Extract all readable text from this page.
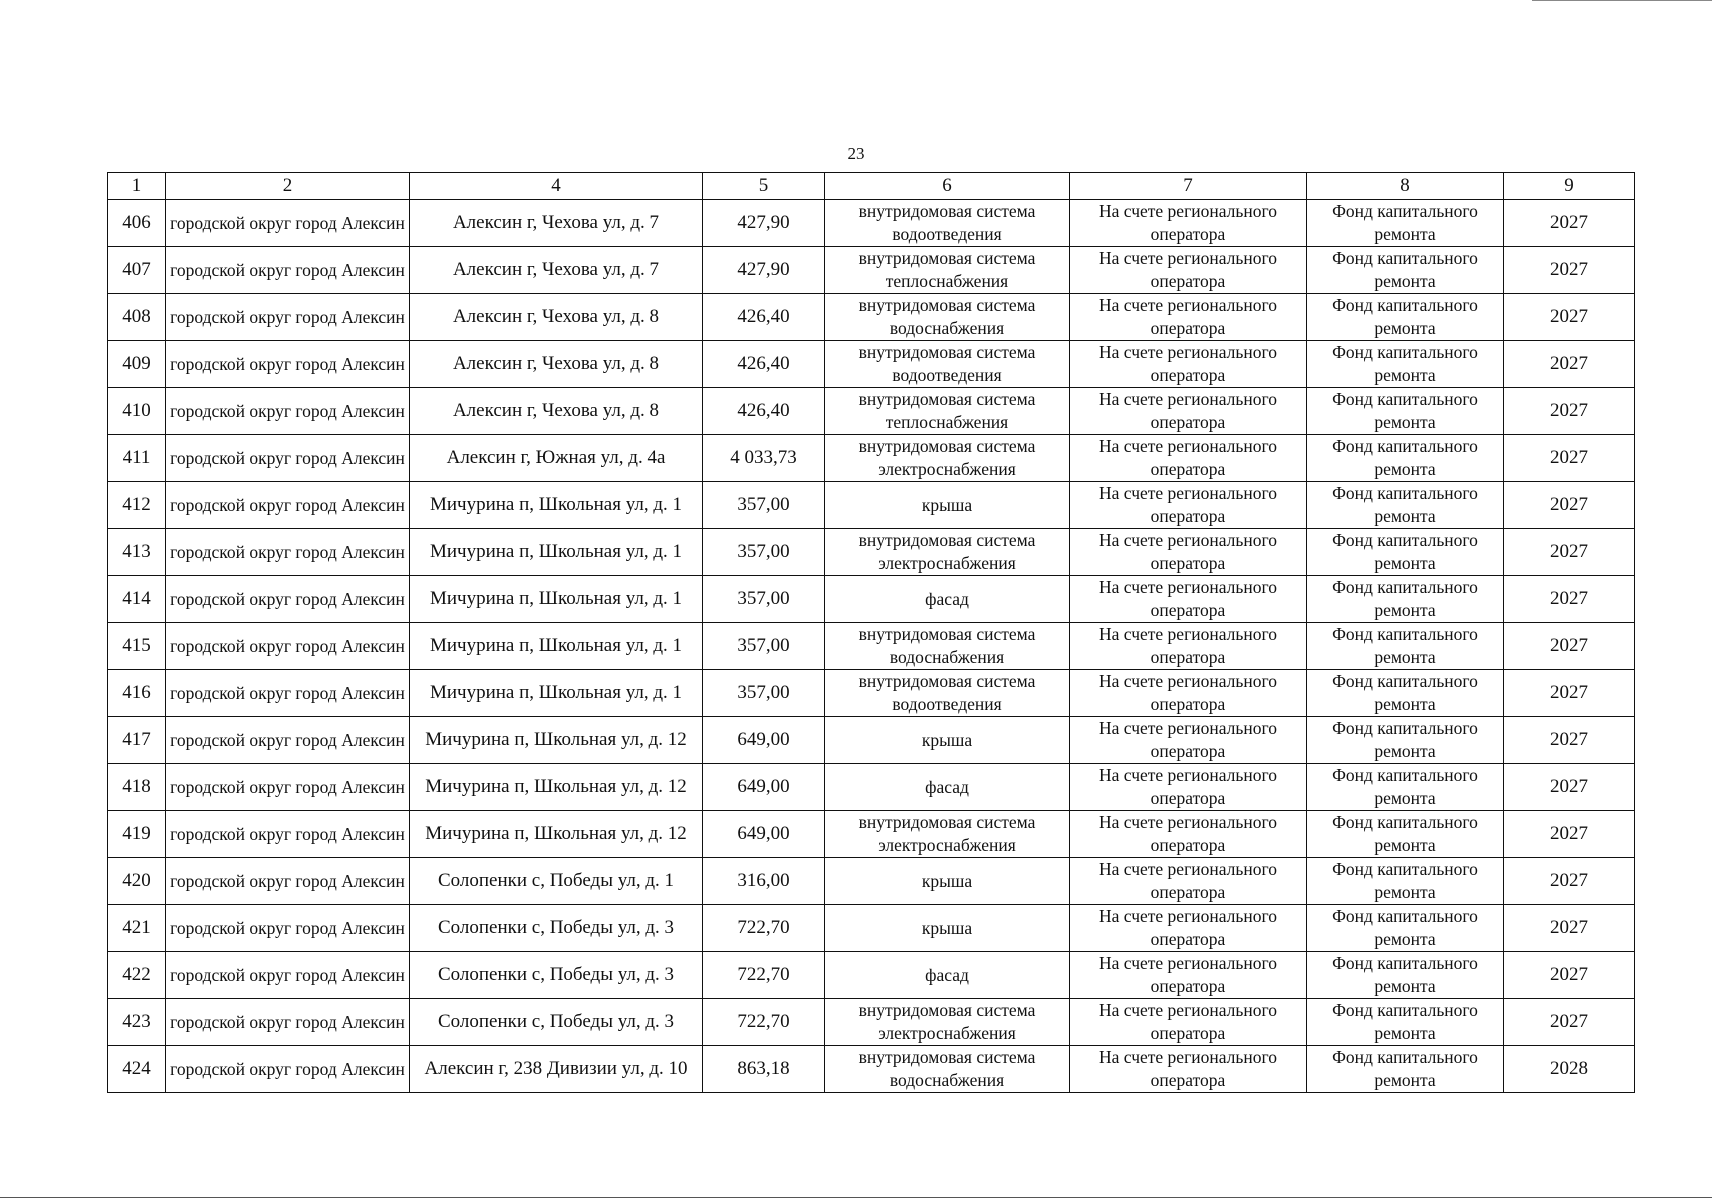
23
1	2	4	5	6	7	8	9
406	городской округ город Алексин	Алексин г, Чехова ул, д. 7	427,90	внутридомовая система водоотведения	На счете регионального оператора	Фонд капитального ремонта	2027
407	городской округ город Алексин	Алексин г, Чехова ул, д. 7	427,90	внутридомовая система теплоснабжения	На счете регионального оператора	Фонд капитального ремонта	2027
408	городской округ город Алексин	Алексин г, Чехова ул, д. 8	426,40	внутридомовая система водоснабжения	На счете регионального оператора	Фонд капитального ремонта	2027
409	городской округ город Алексин	Алексин г, Чехова ул, д. 8	426,40	внутридомовая система водоотведения	На счете регионального оператора	Фонд капитального ремонта	2027
410	городской округ город Алексин	Алексин г, Чехова ул, д. 8	426,40	внутридомовая система теплоснабжения	На счете регионального оператора	Фонд капитального ремонта	2027
411	городской округ город Алексин	Алексин г, Южная ул, д. 4а	4 033,73	внутридомовая система электроснабжения	На счете регионального оператора	Фонд капитального ремонта	2027
412	городской округ город Алексин	Мичурина п, Школьная ул, д. 1	357,00	крыша	На счете регионального оператора	Фонд капитального ремонта	2027
413	городской округ город Алексин	Мичурина п, Школьная ул, д. 1	357,00	внутридомовая система электроснабжения	На счете регионального оператора	Фонд капитального ремонта	2027
414	городской округ город Алексин	Мичурина п, Школьная ул, д. 1	357,00	фасад	На счете регионального оператора	Фонд капитального ремонта	2027
415	городской округ город Алексин	Мичурина п, Школьная ул, д. 1	357,00	внутридомовая система водоснабжения	На счете регионального оператора	Фонд капитального ремонта	2027
416	городской округ город Алексин	Мичурина п, Школьная ул, д. 1	357,00	внутридомовая система водоотведения	На счете регионального оператора	Фонд капитального ремонта	2027
417	городской округ город Алексин	Мичурина п, Школьная ул, д. 12	649,00	крыша	На счете регионального оператора	Фонд капитального ремонта	2027
418	городской округ город Алексин	Мичурина п, Школьная ул, д. 12	649,00	фасад	На счете регионального оператора	Фонд капитального ремонта	2027
419	городской округ город Алексин	Мичурина п, Школьная ул, д. 12	649,00	внутридомовая система электроснабжения	На счете регионального оператора	Фонд капитального ремонта	2027
420	городской округ город Алексин	Солопенки с, Победы ул, д. 1	316,00	крыша	На счете регионального оператора	Фонд капитального ремонта	2027
421	городской округ город Алексин	Солопенки с, Победы ул, д. 3	722,70	крыша	На счете регионального оператора	Фонд капитального ремонта	2027
422	городской округ город Алексин	Солопенки с, Победы ул, д. 3	722,70	фасад	На счете регионального оператора	Фонд капитального ремонта	2027
423	городской округ город Алексин	Солопенки с, Победы ул, д. 3	722,70	внутридомовая система электроснабжения	На счете регионального оператора	Фонд капитального ремонта	2027
424	городской округ город Алексин	Алексин г, 238 Дивизии ул, д. 10	863,18	внутридомовая система водоснабжения	На счете регионального оператора	Фонд капитального ремонта	2028
